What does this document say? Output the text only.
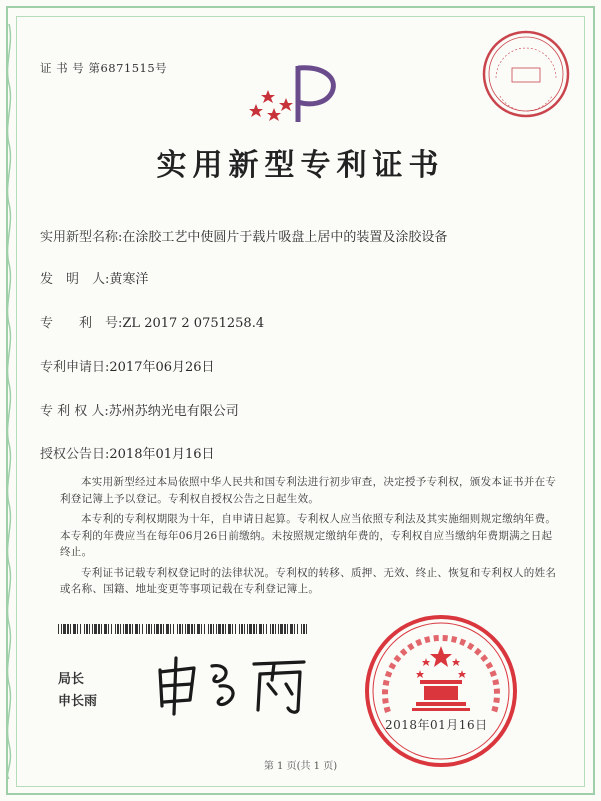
证 书 号 第6871515号
实用新型专利证书
实用新型名称:在涂胶工艺中使圆片于载片吸盘上居中的装置及涂胶设备
发　明　人:黄寒洋
专　　利　号:ZL 2017 2 0751258.4
专利申请日:2017年06月26日
专 利 权 人:苏州苏纳光电有限公司
授权公告日:2018年01月16日

本实用新型经过本局依照中华人民共和国专利法进行初步审查，决定授予专利权，颁发本证书并在专利登记簿上予以登记。专利权自授权公告之日起生效。

本专利的专利权期限为十年，自申请日起算。专利权人应当依照专利法及其实施细则规定缴纳年费。本专利的年费应当在每年06月26日前缴纳。未按照规定缴纳年费的，专利权自应当缴纳年费期满之日起终止。

专利证书记载专利权登记时的法律状况。专利权的转移、质押、无效、终止、恢复和专利权人的姓名或名称、国籍、地址变更等事项记载在专利登记簿上。

局长
申长雨
2018年01月16日
第 1 页(共 1 页)
